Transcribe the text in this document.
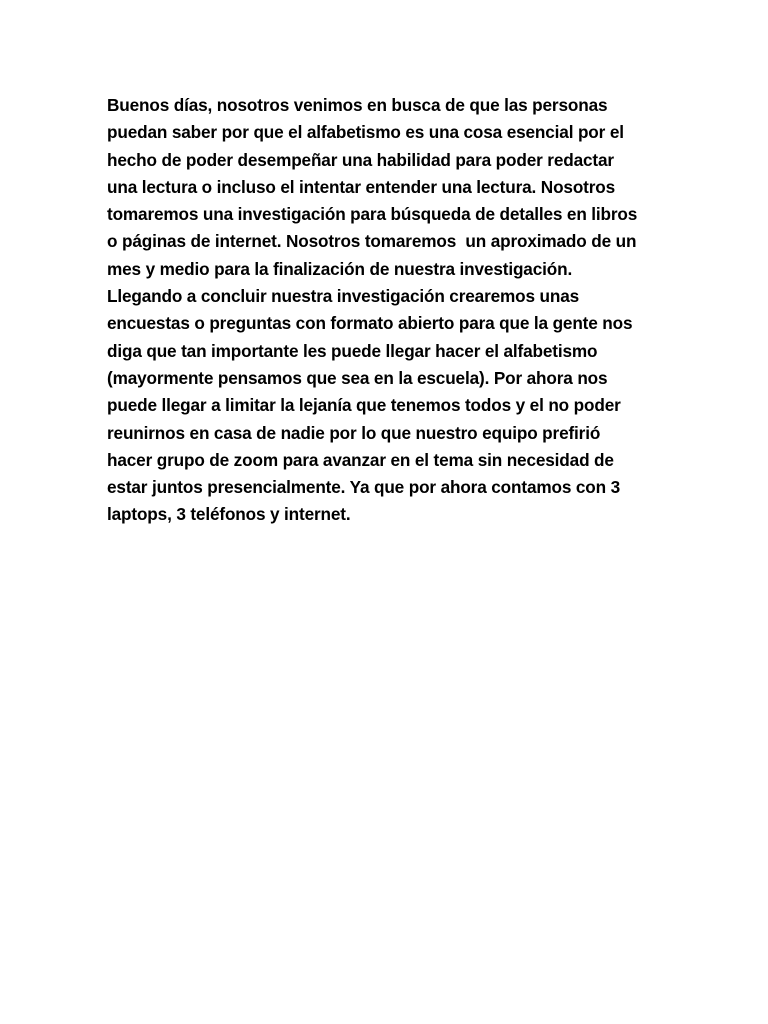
Buenos días, nosotros venimos en busca de que las personas
puedan saber por que el alfabetismo es una cosa esencial por el
hecho de poder desempeñar una habilidad para poder redactar
una lectura o incluso el intentar entender una lectura. Nosotros
tomaremos una investigación para búsqueda de detalles en libros
o páginas de internet. Nosotros tomaremos  un aproximado de un
mes y medio para la finalización de nuestra investigación.
Llegando a concluir nuestra investigación crearemos unas
encuestas o preguntas con formato abierto para que la gente nos
diga que tan importante les puede llegar hacer el alfabetismo
(mayormente pensamos que sea en la escuela). Por ahora nos
puede llegar a limitar la lejanía que tenemos todos y el no poder
reunirnos en casa de nadie por lo que nuestro equipo prefirió
hacer grupo de zoom para avanzar en el tema sin necesidad de
estar juntos presencialmente. Ya que por ahora contamos con 3
laptops, 3 teléfonos y internet.
